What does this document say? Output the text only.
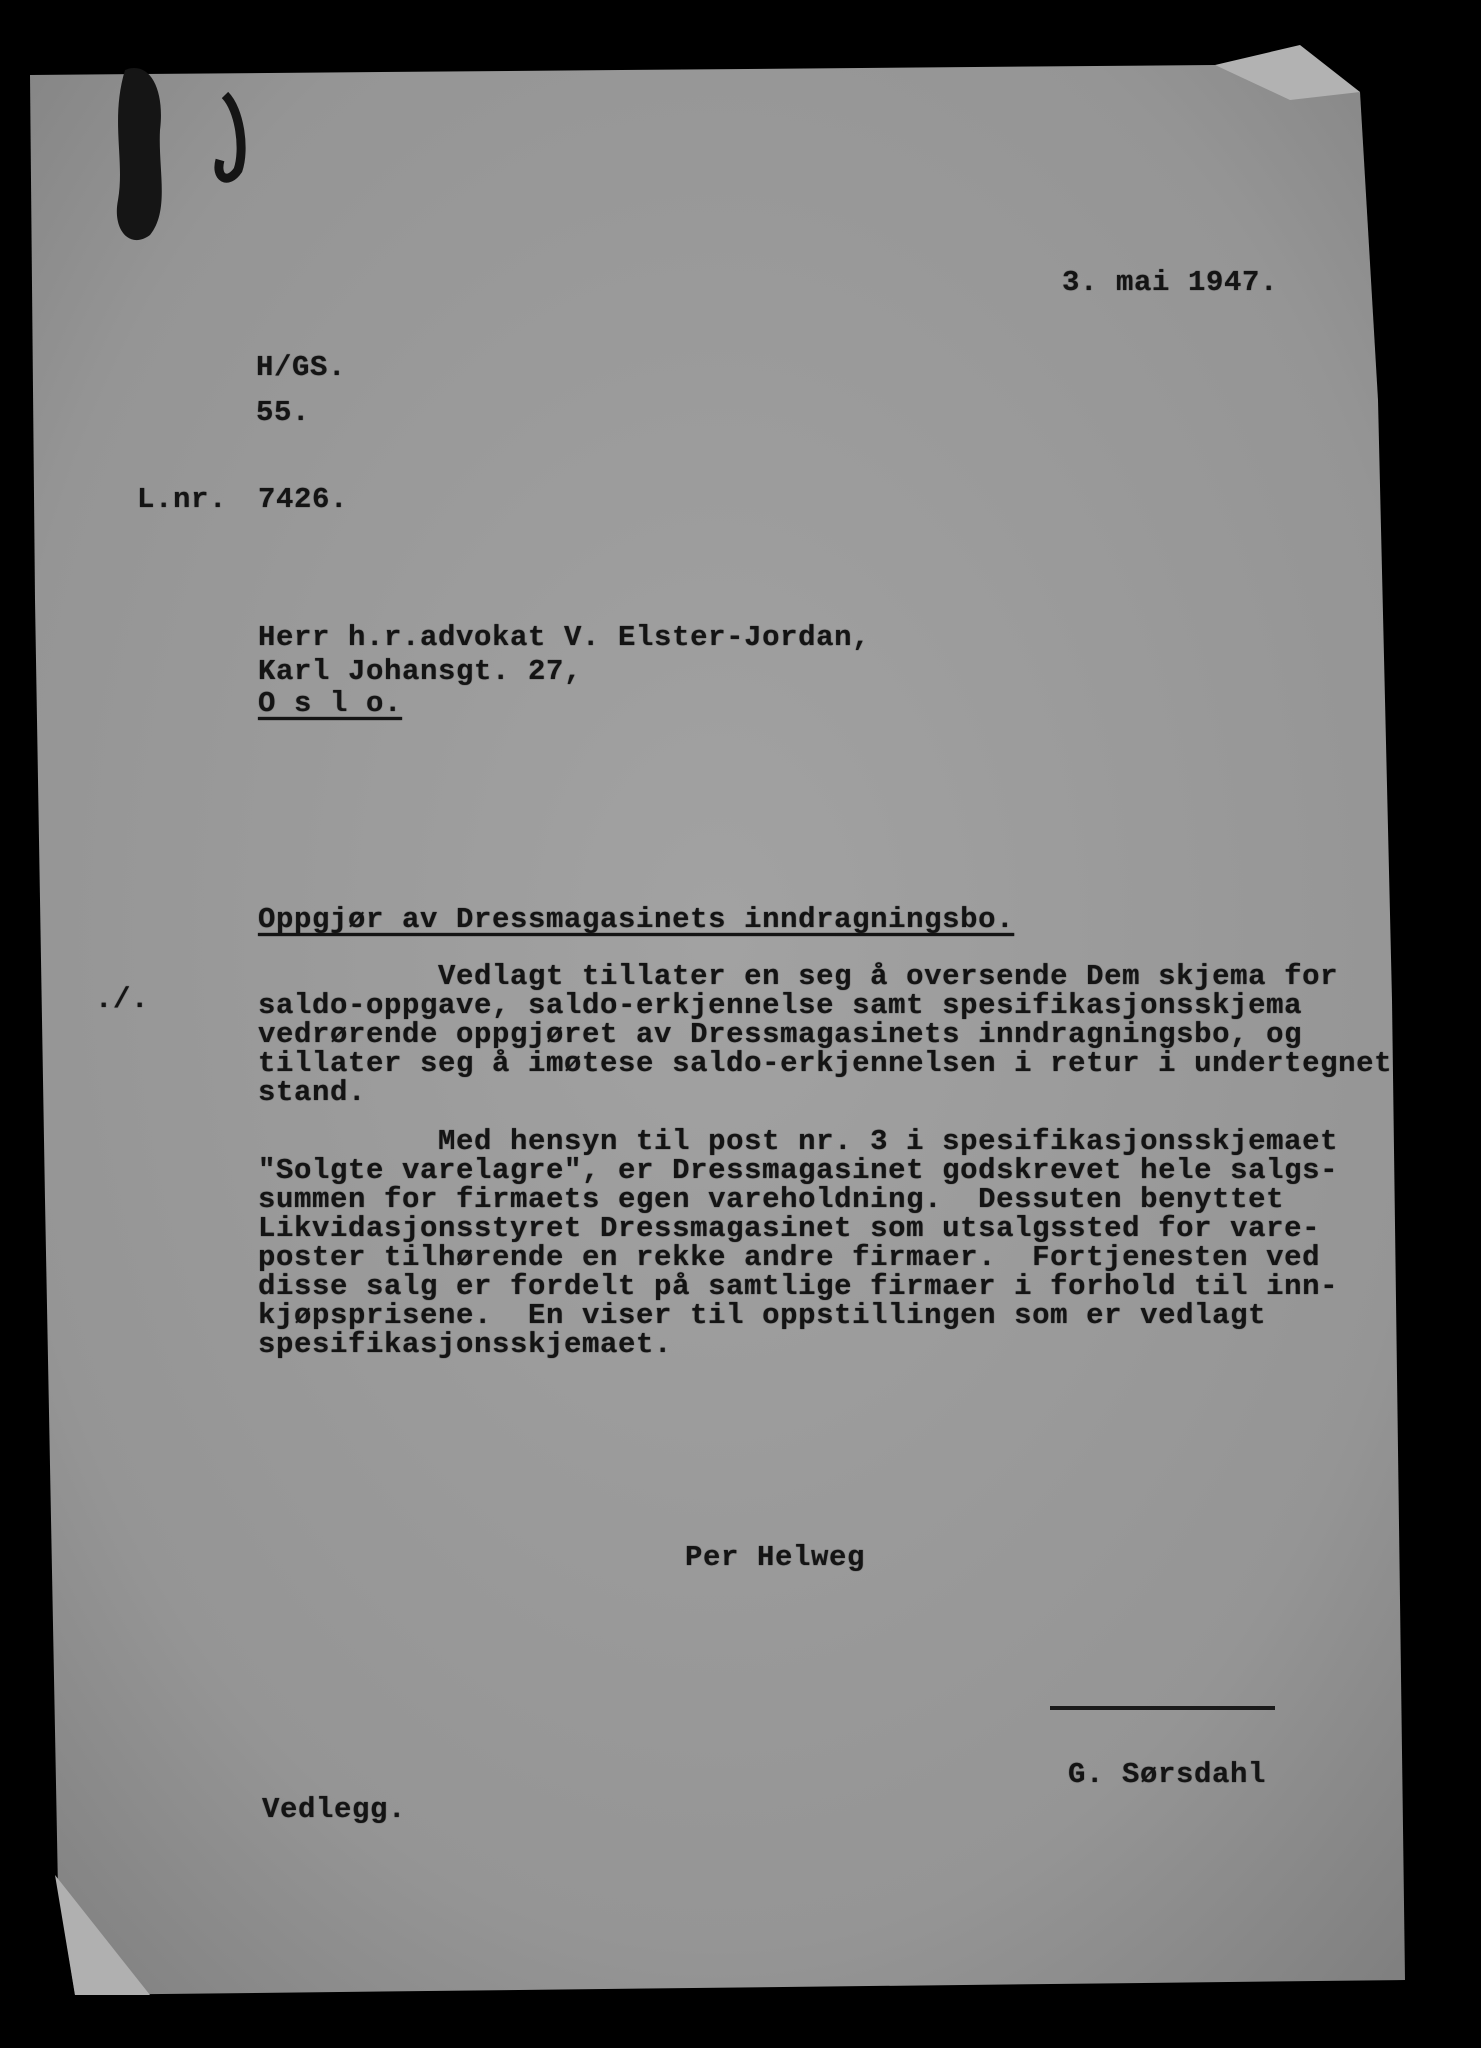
3. mai 1947.
H/GS.
55.
L.nr. 7426.
Herr h.r.advokat V. Elster-Jordan,
Karl Johansgt. 27,
O s l o.
Oppgjør av Dressmagasinets inndragningsbo.
./.

Vedlagt tillater en seg å oversende Dem skjema for

saldo-oppgave, saldo-erkjennelse samt spesifikasjonsskjema

vedrørende oppgjøret av Dressmagasinets inndragningsbo, og

tillater seg å imøtese saldo-erkjennelsen i retur i undertegnet

stand.

Med hensyn til post nr. 3 i spesifikasjonsskjemaet

"Solgte varelagre", er Dressmagasinet godskrevet hele salgs-

summen for firmaets egen vareholdning.  Dessuten benyttet

Likvidasjonsstyret Dressmagasinet som utsalgssted for vare-

poster tilhørende en rekke andre firmaer.  Fortjenesten ved

disse salg er fordelt på samtlige firmaer i forhold til inn-

kjøpsprisene.  En viser til oppstillingen som er vedlagt

spesifikasjonsskjemaet.

Per Helweg
G. Sørsdahl
Vedlegg.
